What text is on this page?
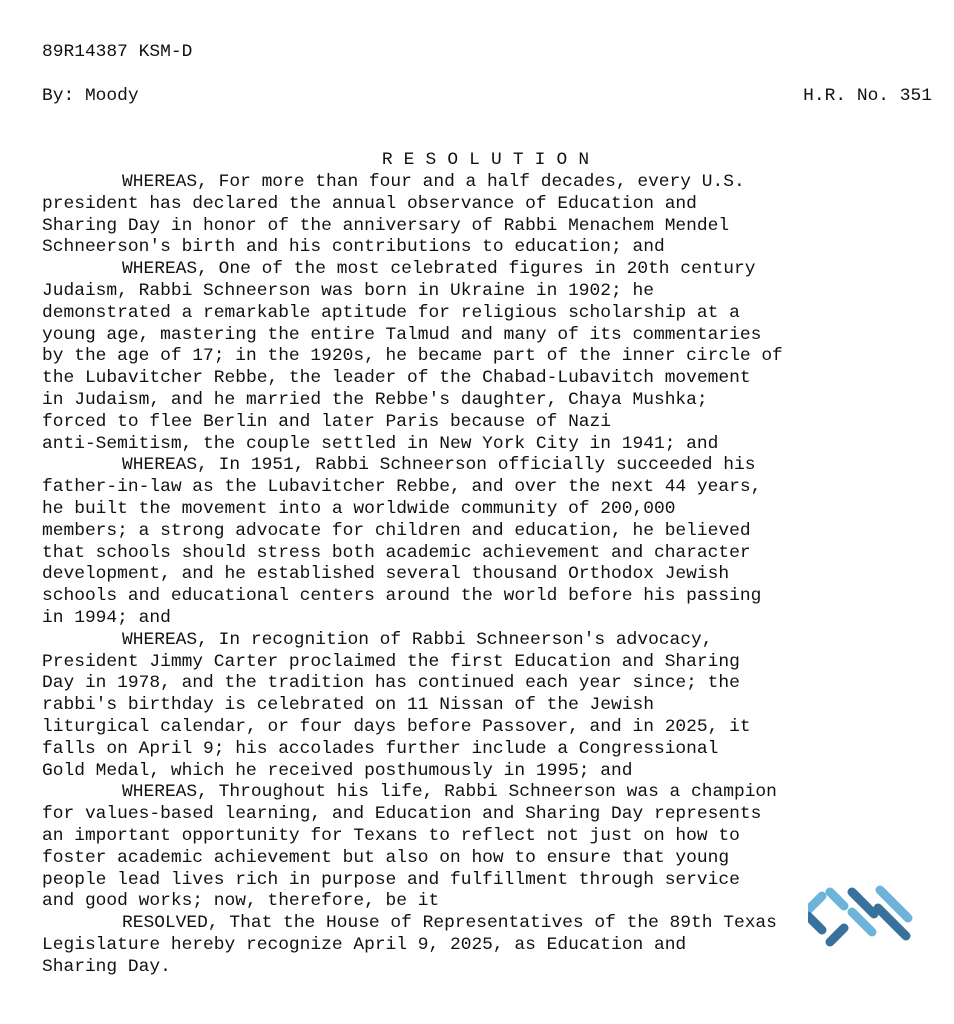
89R14387 KSM-D
By: Moody	H.R. No. 351
RESOLUTION
WHEREAS, For more than four and a half decades, every U.S.
president has declared the annual observance of Education and
Sharing Day in honor of the anniversary of Rabbi Menachem Mendel
Schneerson's birth and his contributions to education; and
WHEREAS, One of the most celebrated figures in 20th century
Judaism, Rabbi Schneerson was born in Ukraine in 1902; he
demonstrated a remarkable aptitude for religious scholarship at a
young age, mastering the entire Talmud and many of its commentaries
by the age of 17; in the 1920s, he became part of the inner circle of
the Lubavitcher Rebbe, the leader of the Chabad-Lubavitch movement
in Judaism, and he married the Rebbe's daughter, Chaya Mushka;
forced to flee Berlin and later Paris because of Nazi
anti-Semitism, the couple settled in New York City in 1941; and
WHEREAS, In 1951, Rabbi Schneerson officially succeeded his
father-in-law as the Lubavitcher Rebbe, and over the next 44 years,
he built the movement into a worldwide community of 200,000
members; a strong advocate for children and education, he believed
that schools should stress both academic achievement and character
development, and he established several thousand Orthodox Jewish
schools and educational centers around the world before his passing
in 1994; and
WHEREAS, In recognition of Rabbi Schneerson's advocacy,
President Jimmy Carter proclaimed the first Education and Sharing
Day in 1978, and the tradition has continued each year since; the
rabbi's birthday is celebrated on 11 Nissan of the Jewish
liturgical calendar, or four days before Passover, and in 2025, it
falls on April 9; his accolades further include a Congressional
Gold Medal, which he received posthumously in 1995; and
WHEREAS, Throughout his life, Rabbi Schneerson was a champion
for values-based learning, and Education and Sharing Day represents
an important opportunity for Texans to reflect not just on how to
foster academic achievement but also on how to ensure that young
people lead lives rich in purpose and fulfillment through service
and good works; now, therefore, be it
RESOLVED, That the House of Representatives of the 89th Texas
Legislature hereby recognize April 9, 2025, as Education and
Sharing Day.
